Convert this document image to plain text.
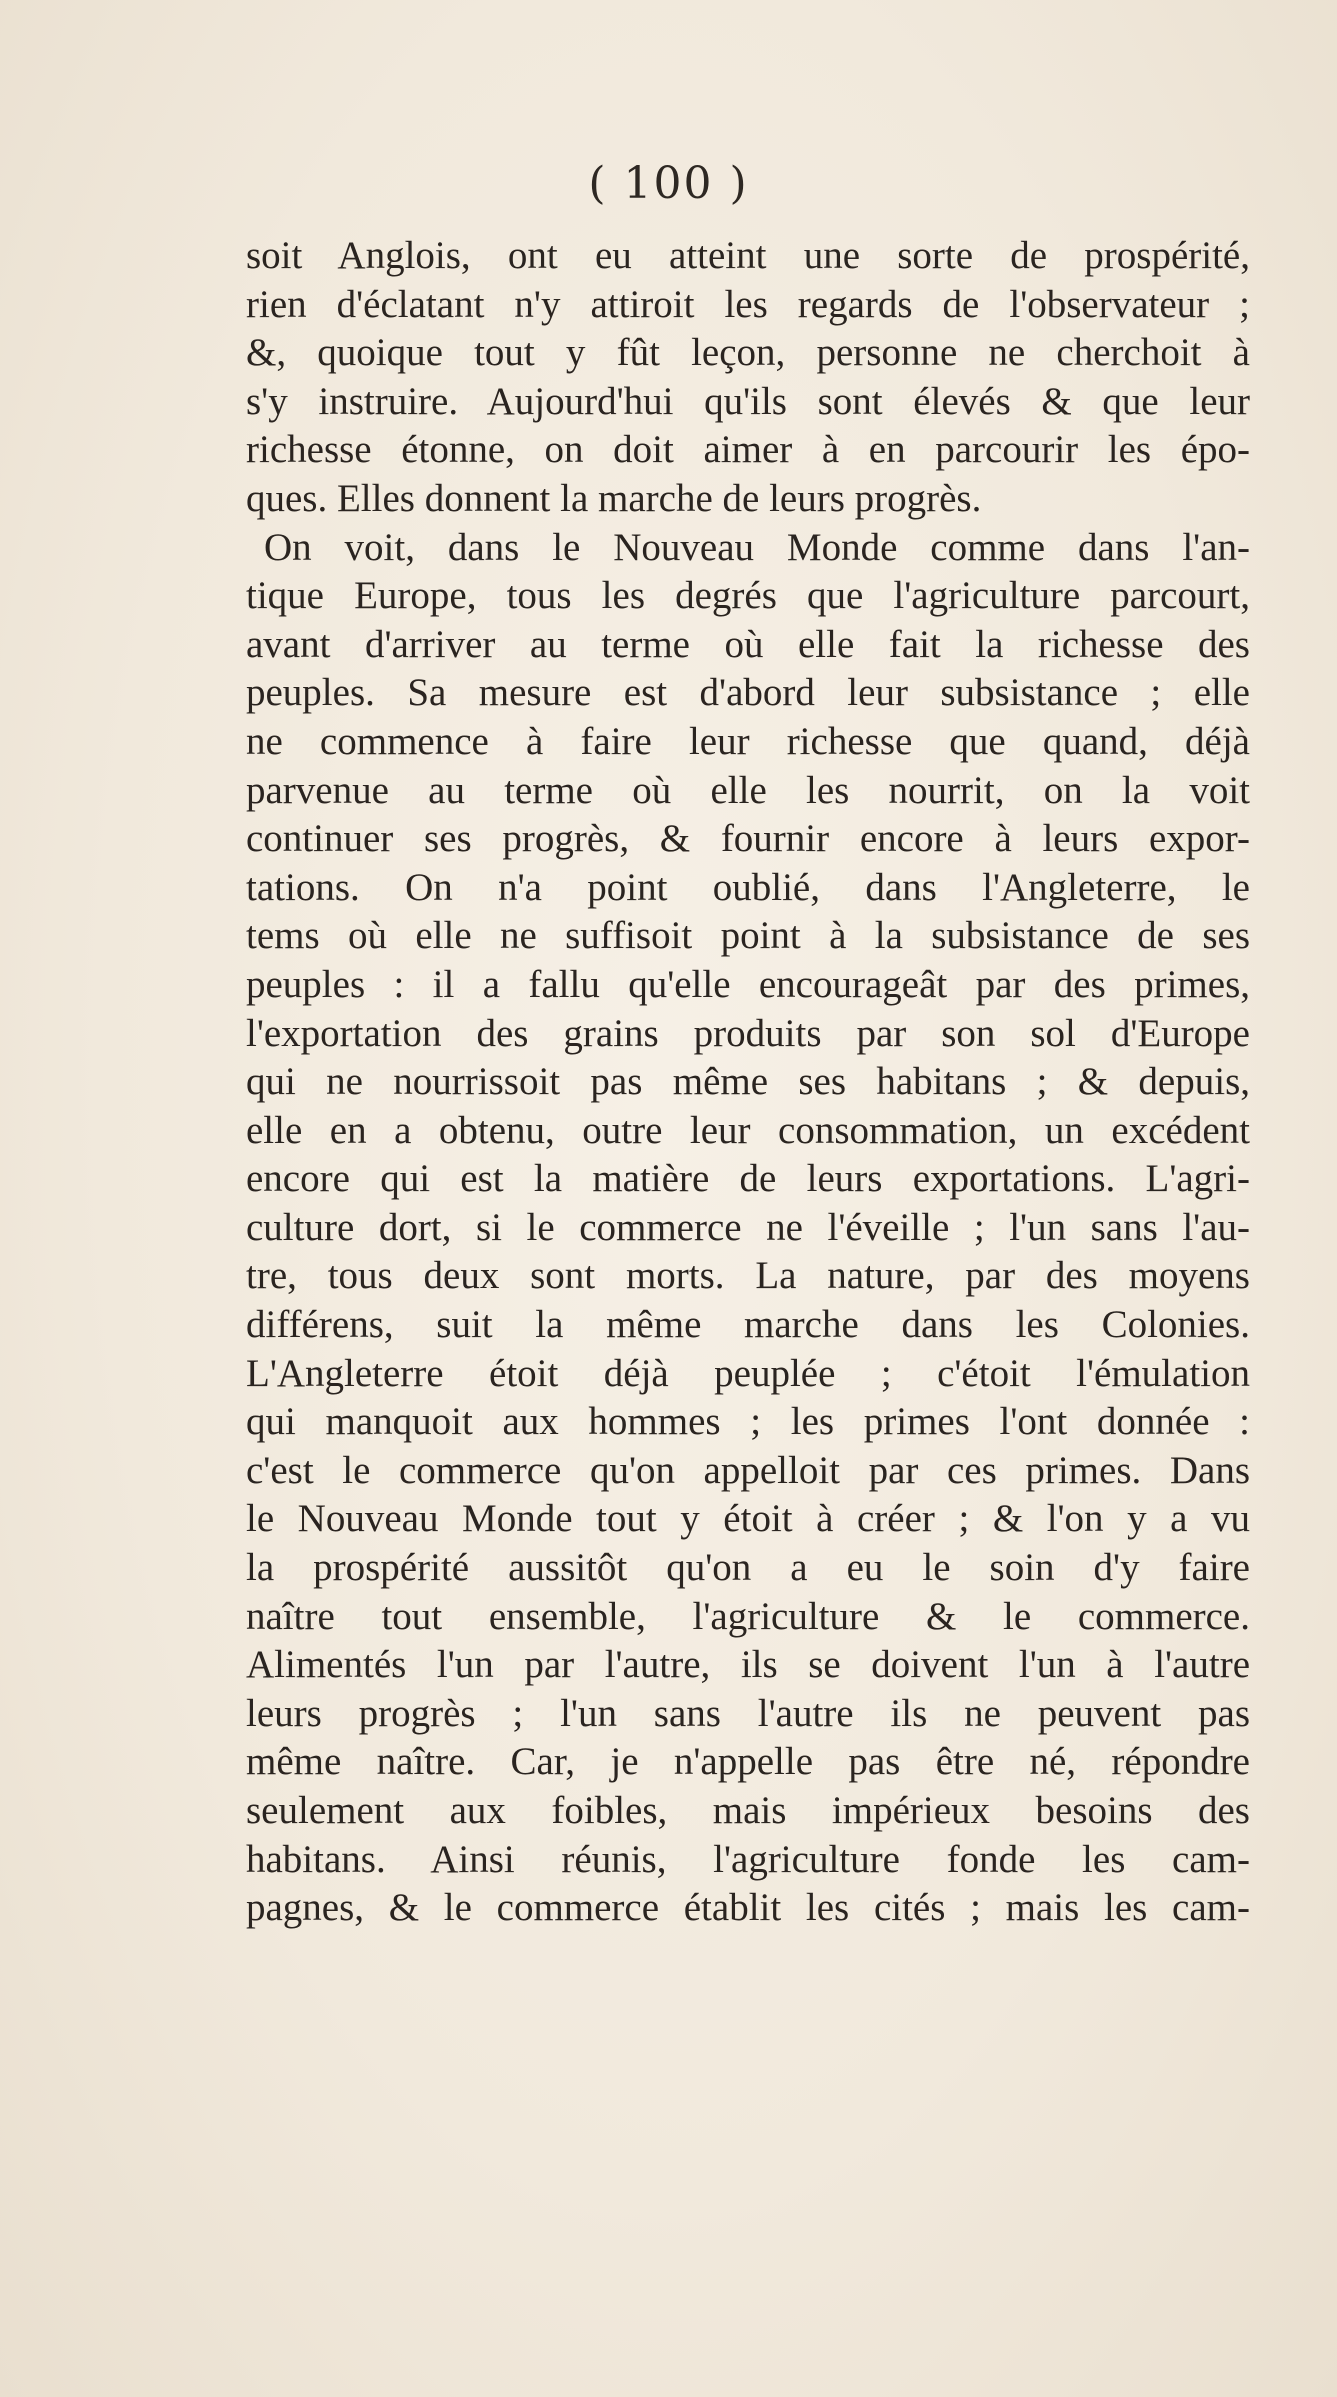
( 100 )
soit Anglois, ont eu atteint une sorte de prospérité,
rien d'éclatant n'y attiroit les regards de l'observateur ;
&, quoique tout y fût leçon, personne ne cherchoit à
s'y instruire. Aujourd'hui qu'ils sont élevés & que leur
richesse étonne, on doit aimer à en parcourir les épo-
ques. Elles donnent la marche de leurs progrès.
On voit, dans le Nouveau Monde comme dans l'an-
tique Europe, tous les degrés que l'agriculture parcourt,
avant d'arriver au terme où elle fait la richesse des
peuples. Sa mesure est d'abord leur subsistance ; elle
ne commence à faire leur richesse que quand, déjà
parvenue au terme où elle les nourrit, on la voit
continuer ses progrès, & fournir encore à leurs expor-
tations. On n'a point oublié, dans l'Angleterre, le
tems où elle ne suffisoit point à la subsistance de ses
peuples : il a fallu qu'elle encourageât par des primes,
l'exportation des grains produits par son sol d'Europe
qui ne nourrissoit pas même ses habitans ; & depuis,
elle en a obtenu, outre leur consommation, un excédent
encore qui est la matière de leurs exportations. L'agri-
culture dort, si le commerce ne l'éveille ; l'un sans l'au-
tre, tous deux sont morts. La nature, par des moyens
différens, suit la même marche dans les Colonies.
L'Angleterre étoit déjà peuplée ; c'étoit l'émulation
qui manquoit aux hommes ; les primes l'ont donnée :
c'est le commerce qu'on appelloit par ces primes. Dans
le Nouveau Monde tout y étoit à créer ; & l'on y a vu
la prospérité aussitôt qu'on a eu le soin d'y faire
naître tout ensemble, l'agriculture & le commerce.
Alimentés l'un par l'autre, ils se doivent l'un à l'autre
leurs progrès ; l'un sans l'autre ils ne peuvent pas
même naître. Car, je n'appelle pas être né, répondre
seulement aux foibles, mais impérieux besoins des
habitans. Ainsi réunis, l'agriculture fonde les cam-
pagnes, & le commerce établit les cités ; mais les cam-
